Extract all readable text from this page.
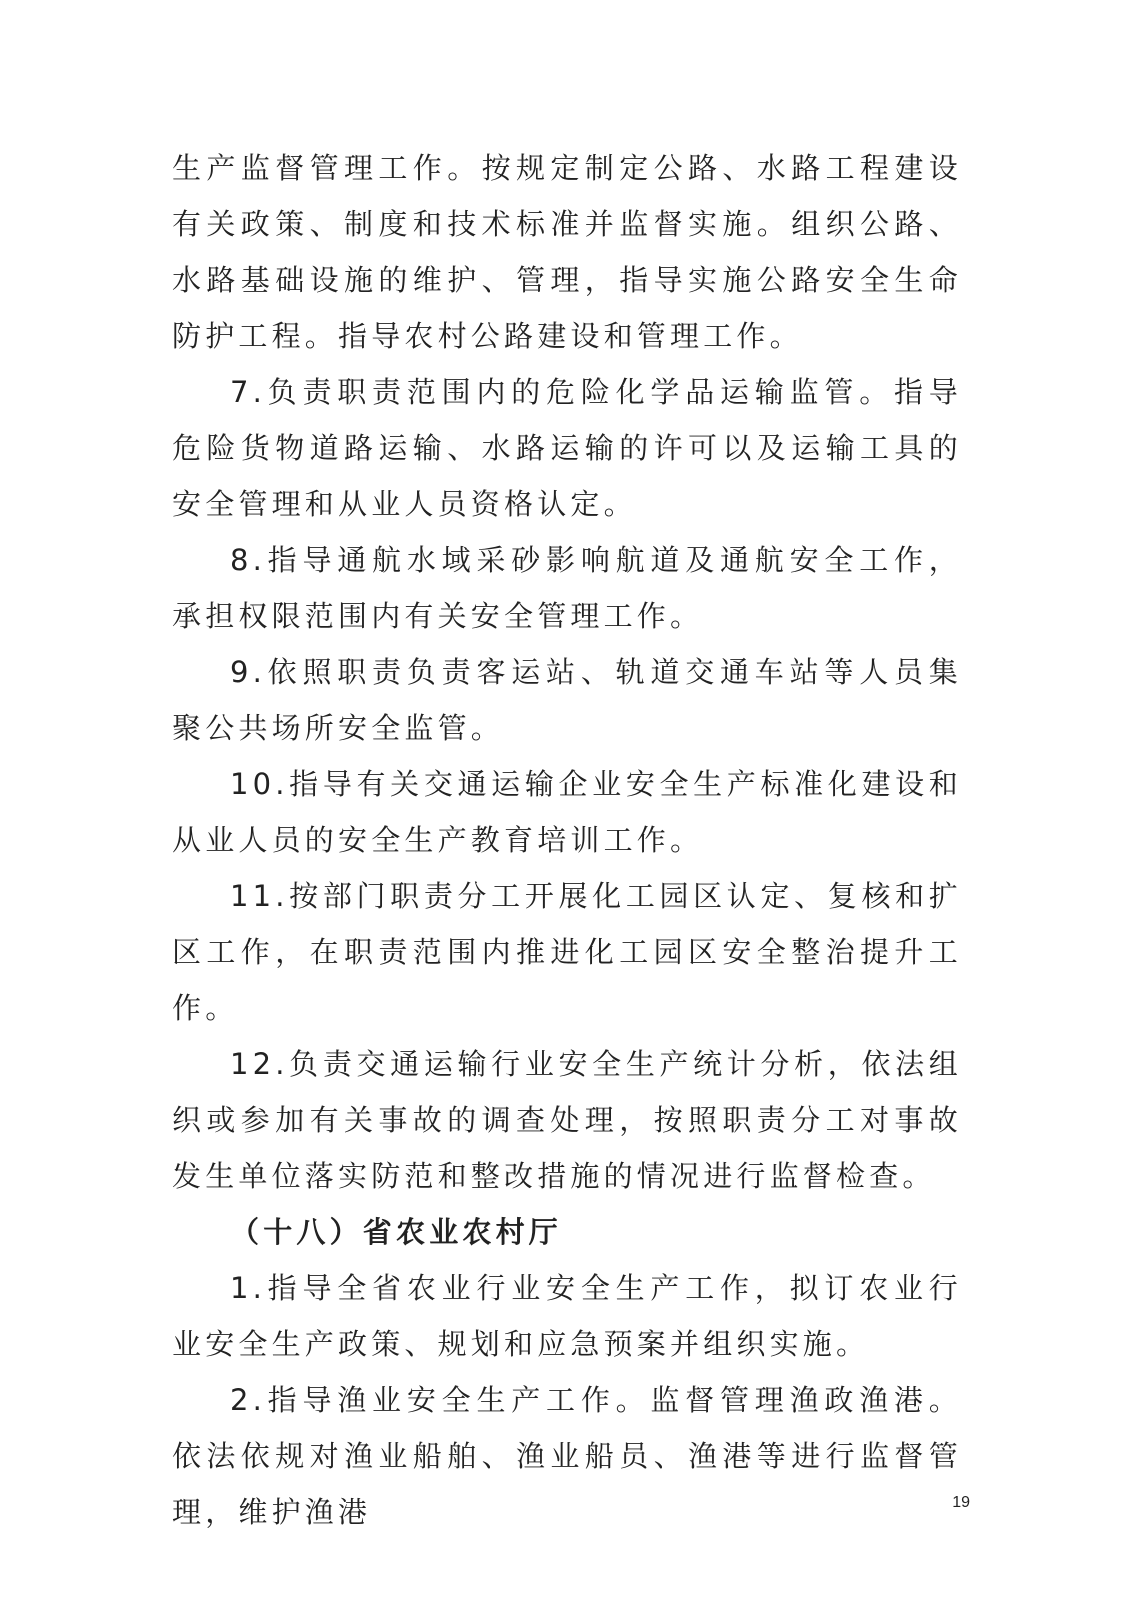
生产监督管理工作。按规定制定公路、水路工程建设有关政策、制度和技术标准并监督实施。组织公路、水路基础设施的维护、管理，指导实施公路安全生命防护工程。指导农村公路建设和管理工作。

7.负责职责范围内的危险化学品运输监管。指导危险货物道路运输、水路运输的许可以及运输工具的安全管理和从业人员资格认定。

8.指导通航水域采砂影响航道及通航安全工作，承担权限范围内有关安全管理工作。

9.依照职责负责客运站、轨道交通车站等人员集聚公共场所安全监管。

10.指导有关交通运输企业安全生产标准化建设和从业人员的安全生产教育培训工作。

11.按部门职责分工开展化工园区认定、复核和扩区工作，在职责范围内推进化工园区安全整治提升工作。

12.负责交通运输行业安全生产统计分析，依法组织或参加有关事故的调查处理，按照职责分工对事故发生单位落实防范和整改措施的情况进行监督检查。

（十八）省农业农村厅

1.指导全省农业行业安全生产工作，拟订农业行业安全生产政策、规划和应急预案并组织实施。

2.指导渔业安全生产工作。监督管理渔政渔港。依法依规对渔业船舶、渔业船员、渔港等进行监督管理，维护渔港	19
